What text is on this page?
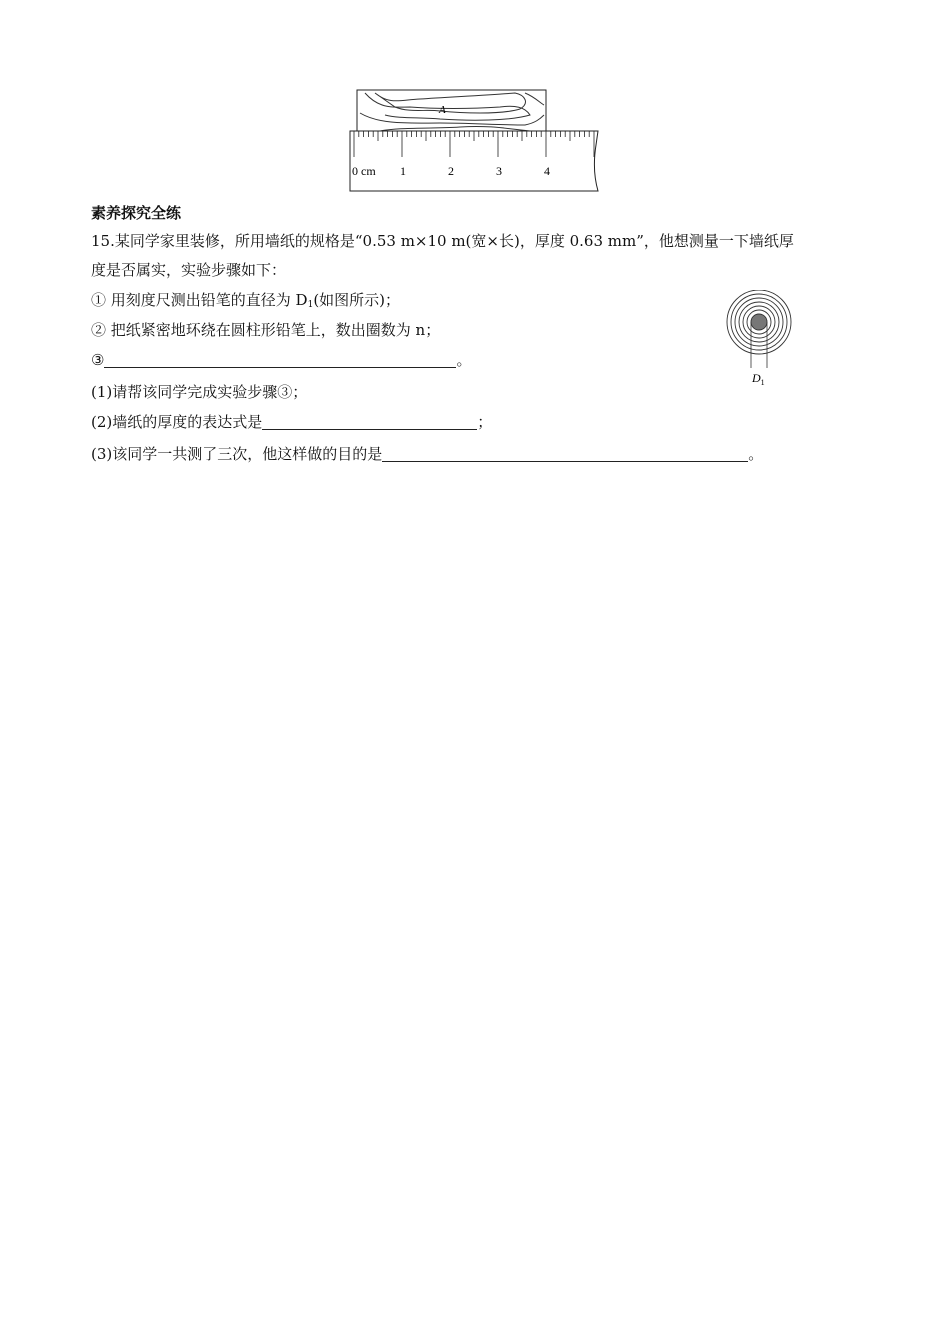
A
0 cm 1	2	3	4
素养探究全练
15.某同学家里装修，所用墙纸的规格是“0.53 m×10 m(宽×长)，厚度 0.63 mm”，他想测量一下墙纸厚
度是否属实，实验步骤如下：
① 用刻度尺测出铅笔的直径为 $D_1$(如图所示)；
② 把纸紧密地环绕在圆柱形铅笔上，数出圈数为 n；
③	。
(1)请帮该同学完成实验步骤③；
(2)墙纸的厚度的表达式是	；
(3)该同学一共测了三次，他这样做的目的是	。
$D_1$
